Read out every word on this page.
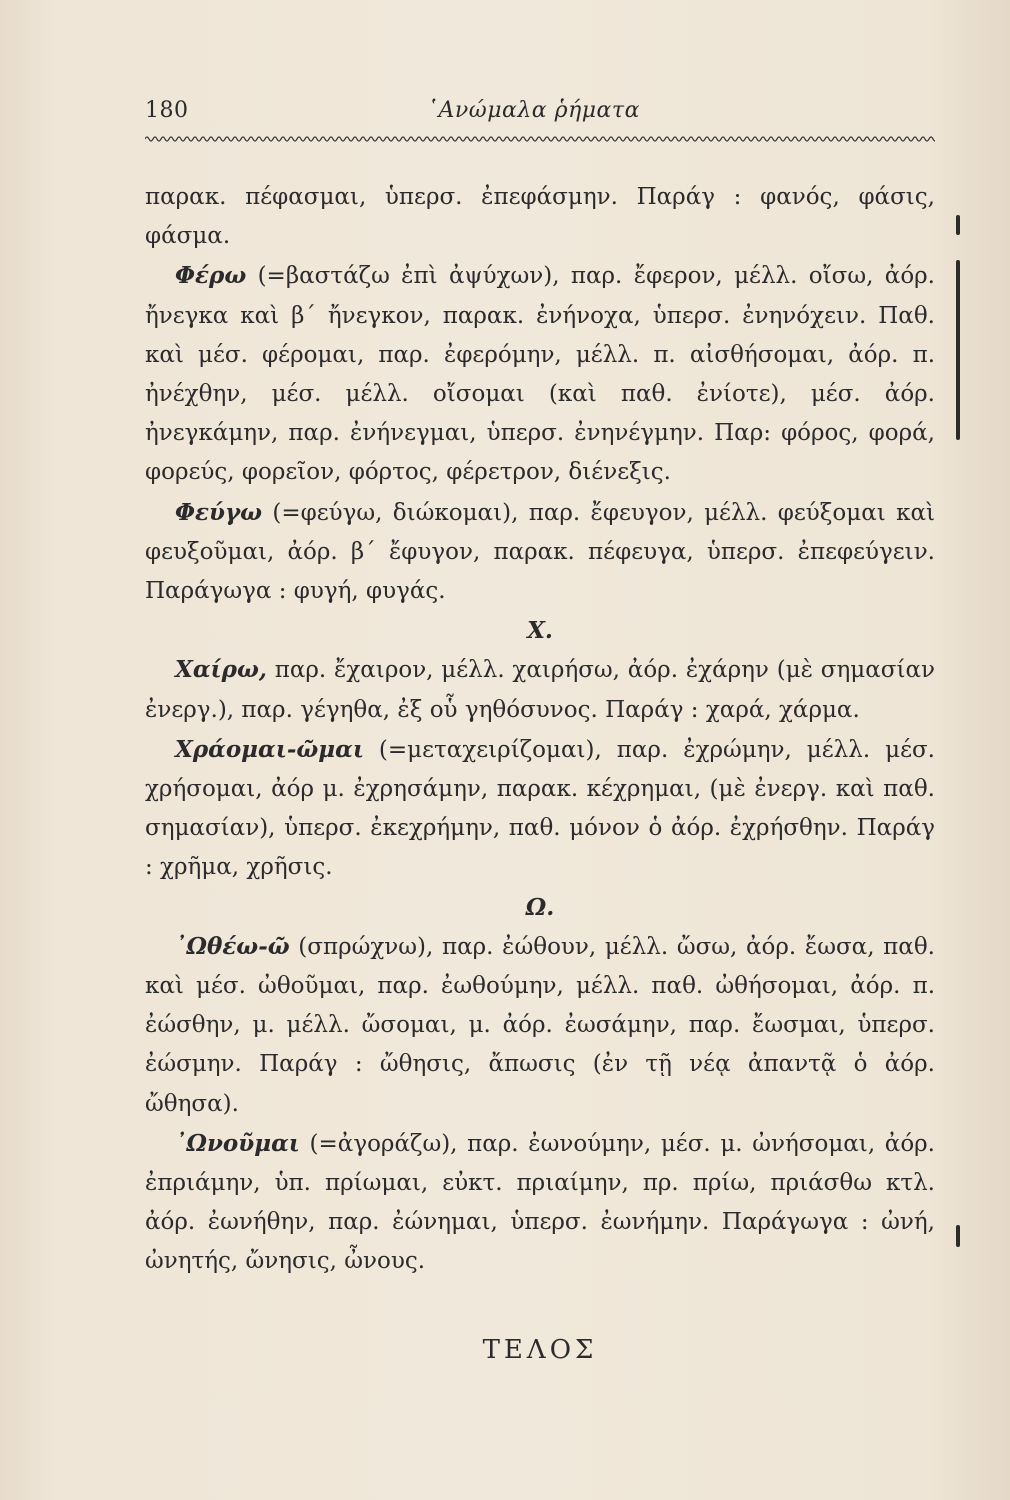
180	῾Ανώμαλα ῥήματα

παρακ. πέφασμαι, ὑπερσ. ἐπεφάσμην. Παράγ : φανός, φάσις, φάσμα.

Φέρω (=βαστάζω ἐπὶ ἀψύχων), παρ. ἔφερον, μέλλ. οἴσω, ἀόρ. ἤνεγκα καὶ β΄ ἤνεγκον, παρακ. ἐνήνοχα, ὑπερσ. ἐνηνόχειν. Παθ. καὶ μέσ. φέρομαι, παρ. ἐφερόμην, μέλλ. π. αἰσθήσομαι, ἀόρ. π. ἠνέχθην, μέσ. μέλλ. οἴσομαι (καὶ παθ. ἐνίοτε), μέσ. ἀόρ. ἠνεγκάμην, παρ. ἐνήνεγμαι, ὑπερσ. ἐνηνέγμην. Παρ: φόρος, φορά, φορεύς, φορεῖον, φόρτος, φέρετρον, διένεξις.

Φεύγω (=φεύγω, διώκομαι), παρ. ἔφευγον, μέλλ. φεύξομαι καὶ φευξοῦμαι, ἀόρ. β΄ ἔφυγον, παρακ. πέφευγα, ὑπερσ. ἐπεφεύγειν. Παράγωγα : φυγή, φυγάς.

Χ.

Χαίρω, παρ. ἔχαιρον, μέλλ. χαιρήσω, ἀόρ. ἐχάρην (μὲ σημασίαν ἐνεργ.), παρ. γέγηθα, ἐξ οὗ γηθόσυνος. Παράγ : χαρά, χάρμα.

Χράομαι-ῶμαι (=μεταχειρίζομαι), παρ. ἐχρώμην, μέλλ. μέσ. χρήσομαι, ἀόρ μ. ἐχρησάμην, παρακ. κέχρημαι, (μὲ ἐνεργ. καὶ παθ. σημασίαν), ὑπερσ. ἐκεχρήμην, παθ. μόνον ὁ ἀόρ. ἐχρήσθην. Παράγ : χρῆμα, χρῆσις.

Ω.

᾿Ωθέω-ῶ (σπρώχνω), παρ. ἐώθουν, μέλλ. ὤσω, ἀόρ. ἔωσα, παθ. καὶ μέσ. ὠθοῦμαι, παρ. ἐωθούμην, μέλλ. παθ. ὠθήσομαι, ἀόρ. π. ἐώσθην, μ. μέλλ. ὤσομαι, μ. ἀόρ. ἐωσάμην, παρ. ἔωσμαι, ὑπερσ. ἐώσμην. Παράγ : ὤθησις, ἄπωσις (ἐν τῇ νέᾳ ἀπαντᾷ ὁ ἀόρ. ὤθησα).

᾿Ωνοῦμαι (=ἀγοράζω), παρ. ἐωνούμην, μέσ. μ. ὠνήσομαι, ἀόρ. ἐπριάμην, ὑπ. πρίωμαι, εὐκτ. πριαίμην, πρ. πρίω, πριάσθω κτλ. ἀόρ. ἐωνήθην, παρ. ἐώνημαι, ὑπερσ. ἐωνήμην. Παράγωγα : ὠνή, ὠνητής, ὤνησις, ὦνους.

ΤΕΛΟΣ
